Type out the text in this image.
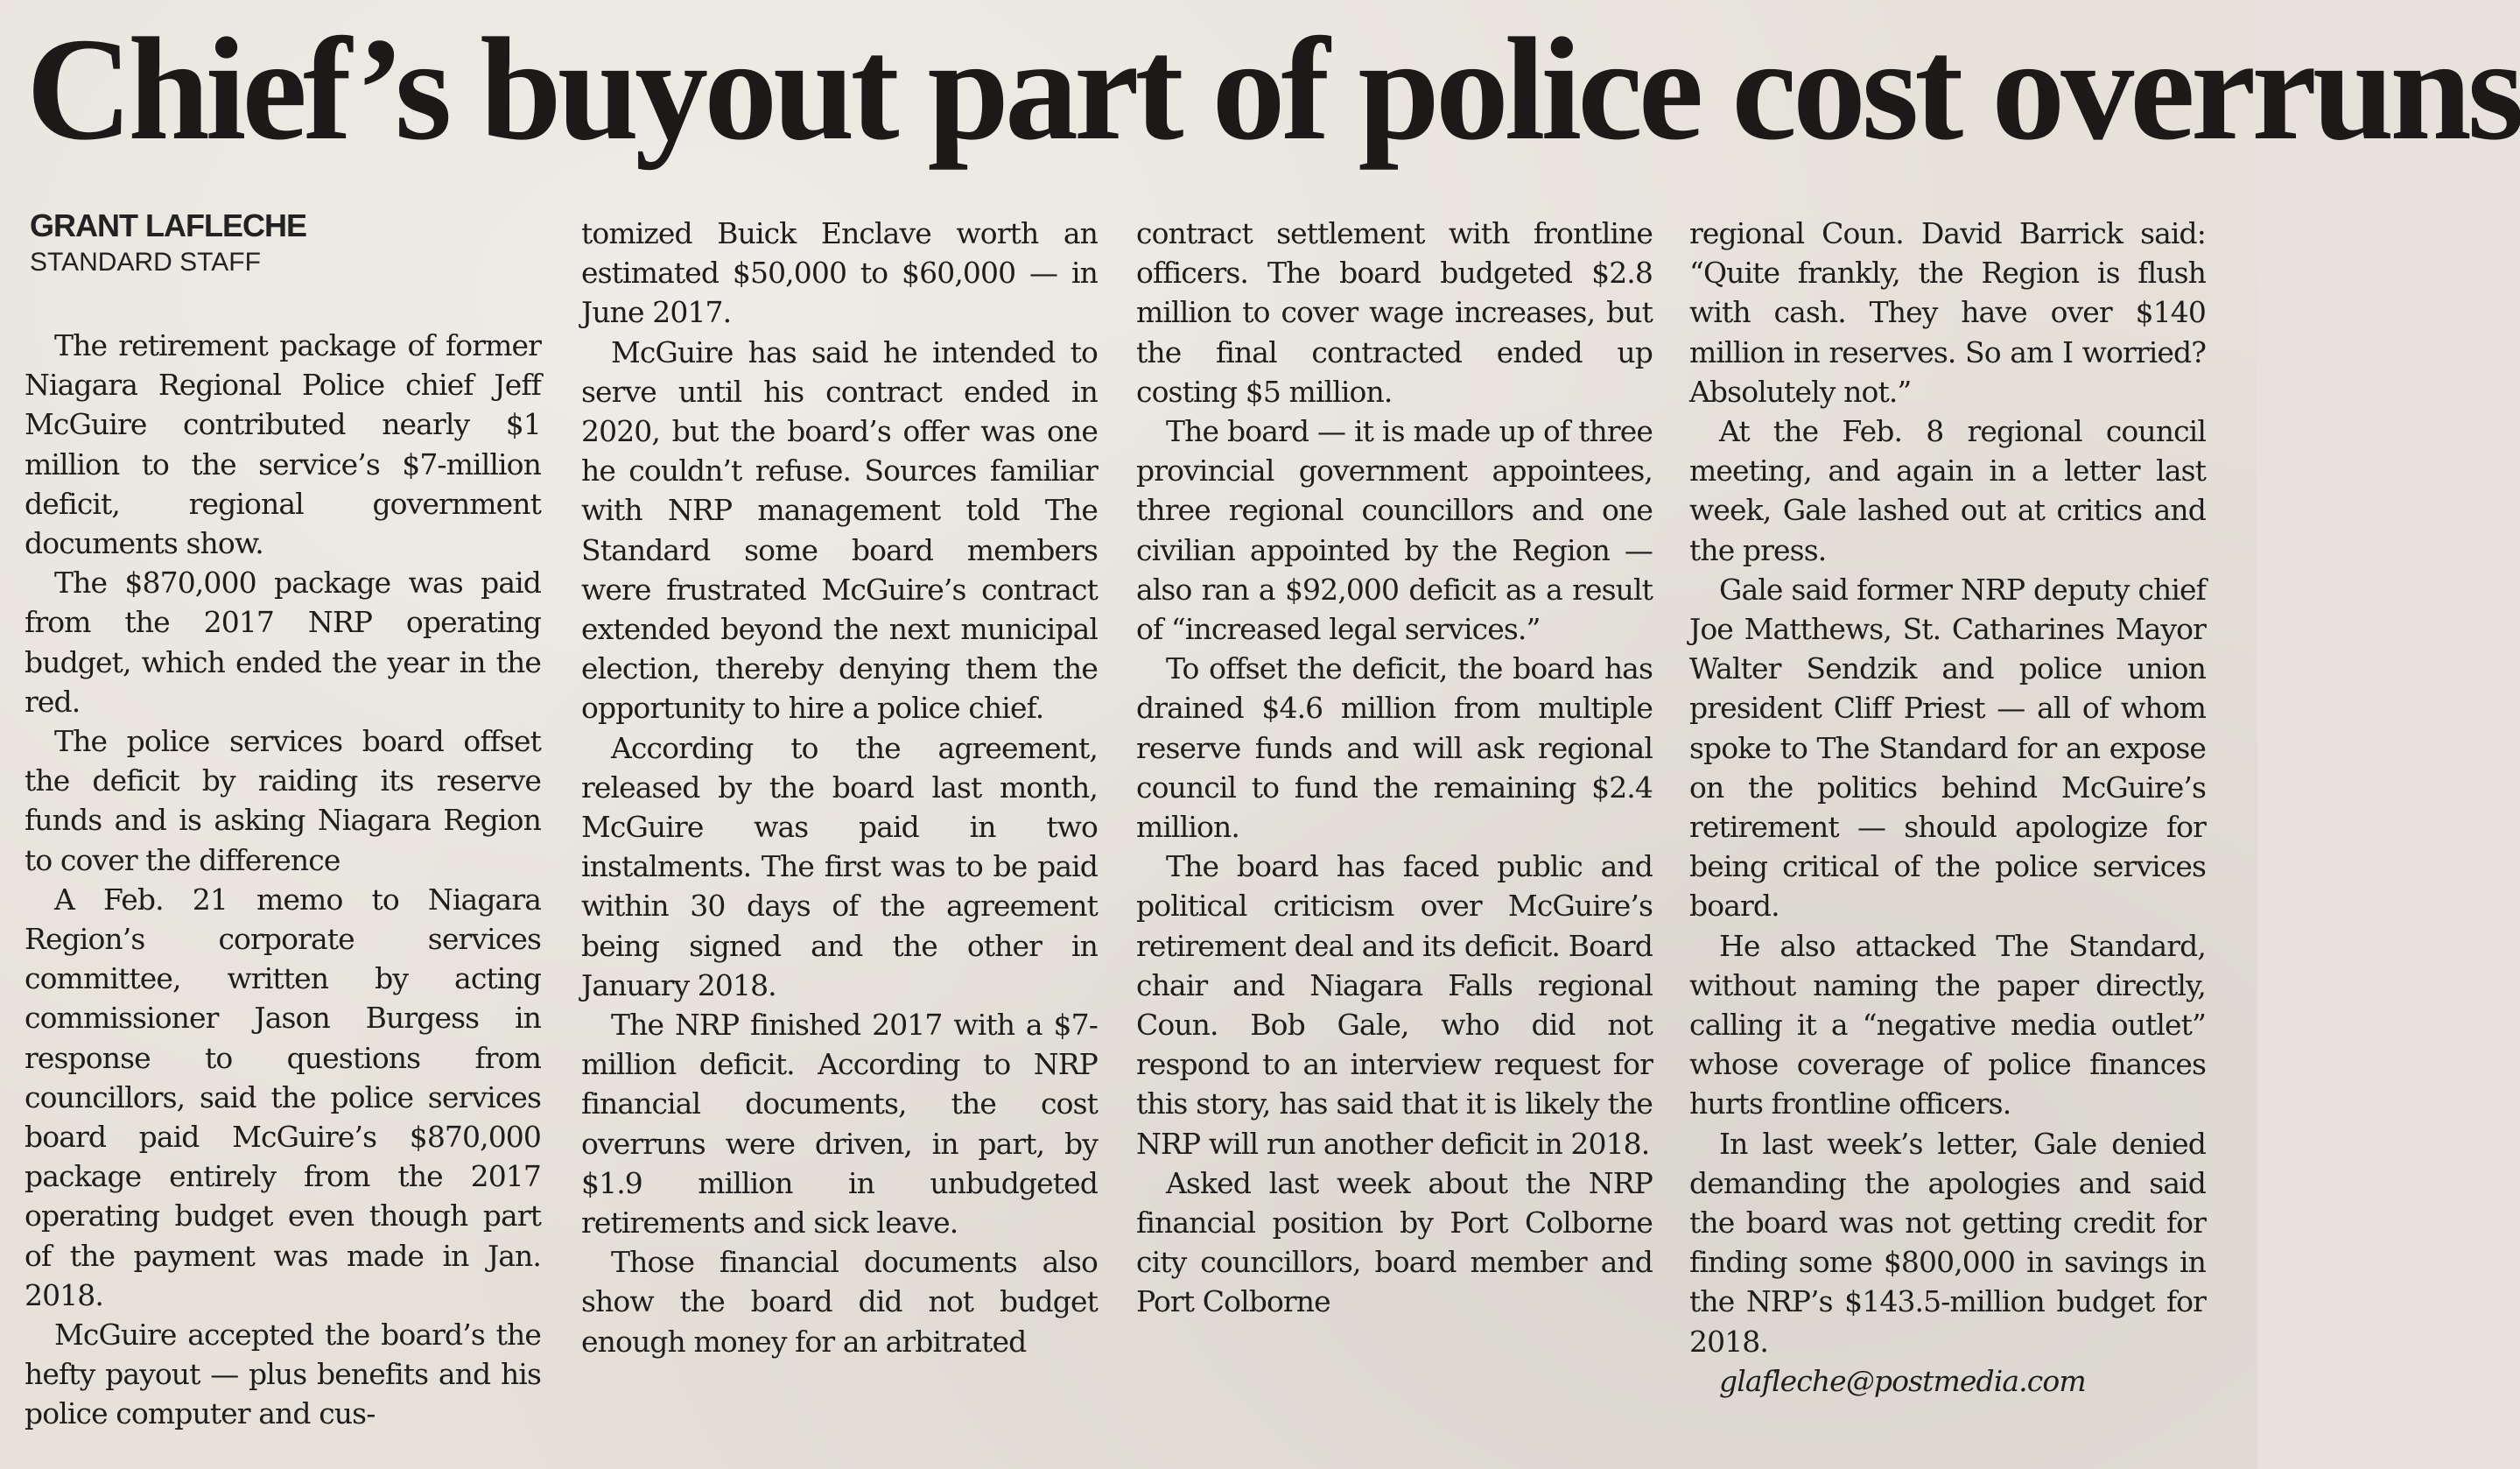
Chief’s buyout part of police cost overruns
GRANT LAFLECHE
STANDARD STAFF

The retirement package of former Niagara Regional Police chief Jeff McGuire contributed nearly $1 million to the service’s $7-million deficit, regional government documents show.

The $870,000 package was paid from the 2017 NRP operating budget, which ended the year in the red.

The police services board offset the deficit by raiding its reserve funds and is asking Niagara Region to cover the difference

A Feb. 21 memo to Niagara Region’s corporate services committee, written by acting commissioner Jason Burgess in response to questions from councillors, said the police services board paid McGuire’s $870,000 package entirely from the 2017 operating budget even though part of the payment was made in Jan. 2018.

McGuire accepted the board’s the hefty payout — plus benefits and his police computer and cus-

tomized Buick Enclave worth an estimated $50,000 to $60,000 — in June 2017.

McGuire has said he intended to serve until his contract ended in 2020, but the board’s offer was one he couldn’t refuse. Sources familiar with NRP management told The Standard some board members were frustrated McGuire’s contract extended beyond the next municipal election, thereby denying them the opportunity to hire a police chief.

According to the agreement, released by the board last month, McGuire was paid in two instalments. The first was to be paid within 30 days of the agreement being signed and the other in January 2018.

The NRP finished 2017 with a $7-million deficit. According to NRP financial documents, the cost overruns were driven, in part, by $1.9 million in unbudgeted retirements and sick leave.

Those financial documents also show the board did not budget enough money for an arbitrated

contract settlement with frontline officers. The board budgeted $2.8 million to cover wage increases, but the final contracted ended up costing $5 million.

The board — it is made up of three provincial government appointees, three regional councillors and one civilian appointed by the Region — also ran a $92,000 deficit as a result of “increased legal services.”

To offset the deficit, the board has drained $4.6 million from multiple reserve funds and will ask regional council to fund the remaining $2.4 million.

The board has faced public and political criticism over McGuire’s retirement deal and its deficit. Board chair and Niagara Falls regional Coun. Bob Gale, who did not respond to an interview request for this story, has said that it is likely the NRP will run another deficit in 2018.

Asked last week about the NRP financial position by Port Colborne city councillors, board member and Port Colborne

regional Coun. David Barrick said: “Quite frankly, the Region is flush with cash. They have over $140 million in reserves. So am I worried? Absolutely not.”

At the Feb. 8 regional council meeting, and again in a letter last week, Gale lashed out at critics and the press.

Gale said former NRP deputy chief Joe Matthews, St. Catharines Mayor Walter Sendzik and police union president Cliff Priest — all of whom spoke to The Standard for an expose on the politics behind McGuire’s retirement — should apologize for being critical of the police services board.

He also attacked The Standard, without naming the paper directly, calling it a “negative media outlet” whose coverage of police finances hurts frontline officers.

In last week’s letter, Gale denied demanding the apologies and said the board was not getting credit for finding some $800,000 in savings in the NRP’s $143.5-million budget for 2018.

glafleche@postmedia.com
